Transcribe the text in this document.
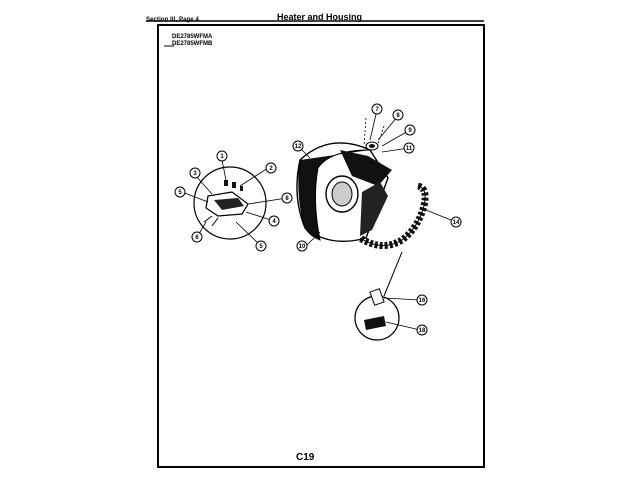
Section III, Page 4	Heater and Housing
DE2785WFMA
DE2785WFMB
1
2
3
4
5
5
6
7
8
8
9
10
11
12
14
16
18
C19
